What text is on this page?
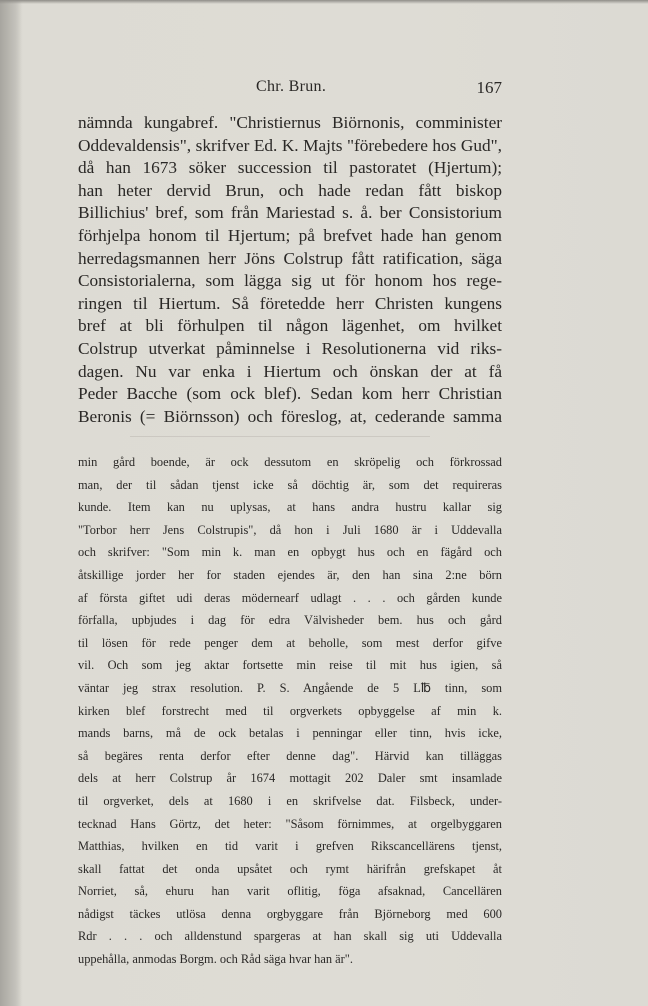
Chr. Brun.	167
nämnda kungabref. "Christiernus Biörnonis, comminister
Oddevaldensis", skrifver Ed. K. Majts "förebedere hos Gud",
då han 1673 söker succession til pastoratet (Hjertum);
han heter dervid Brun, och hade redan fått biskop
Billichius' bref, som från Mariestad s. å. ber Consistorium
förhjelpa honom til Hjertum; på brefvet hade han genom
herredagsmannen herr Jöns Colstrup fått ratification, säga
Consistorialerna, som lägga sig ut för honom hos rege-
ringen til Hiertum. Så företedde herr Christen kungens
bref at bli förhulpen til någon lägenhet, om hvilket
Colstrup utverkat påminnelse i Resolutionerna vid riks-
dagen. Nu var enka i Hiertum och önskan der at få
Peder Bacche (som ock blef). Sedan kom herr Christian
Beronis (= Biörnsson) och föreslog, at, cederande samma
min gård boende, är ock dessutom en skröpelig och förkrossad
man, der til sådan tjenst icke så döchtig är, som det requireras
kunde. Item kan nu uplysas, at hans andra hustru kallar sig
"Torbor herr Jens Colstrupis", då hon i Juli 1680 är i Uddevalla
och skrifver: "Som min k. man en opbygt hus och en fägård och
åtskillige jorder her for staden ejendes är, den han sina 2:ne börn
af första giftet udi deras mödernearf udlagt . . . och gården kunde
förfalla, upbjudes i dag för edra Välvisheder bem. hus och gård
til lösen för rede penger dem at beholle, som mest derfor gifve
vil. Och som jeg aktar fortsette min reise til mit hus igien, så
väntar jeg strax resolution. P. S. Angående de 5 L℔ tinn, som
kirken blef forstrecht med til orgverkets opbyggelse af min k.
mands barns, må de ock betalas i penningar eller tinn, hvis icke,
så begäres renta derfor efter denne dag". Härvid kan tilläggas
dels at herr Colstrup år 1674 mottagit 202 Daler smt insamlade
til orgverket, dels at 1680 i en skrifvelse dat. Filsbeck, under-
tecknad Hans Görtz, det heter: "Såsom förnimmes, at orgelbyggaren
Matthias, hvilken en tid varit i grefven Rikscancellärens tjenst,
skall fattat det onda upsåtet och rymt härifrån grefskapet åt
Norriet, så, ehuru han varit oflitig, föga afsaknad, Cancellären
nådigst täckes utlösa denna orgbyggare från Björneborg med 600
Rdr . . . och alldenstund spargeras at han skall sig uti Uddevalla
uppehålla, anmodas Borgm. och Råd säga hvar han är".
